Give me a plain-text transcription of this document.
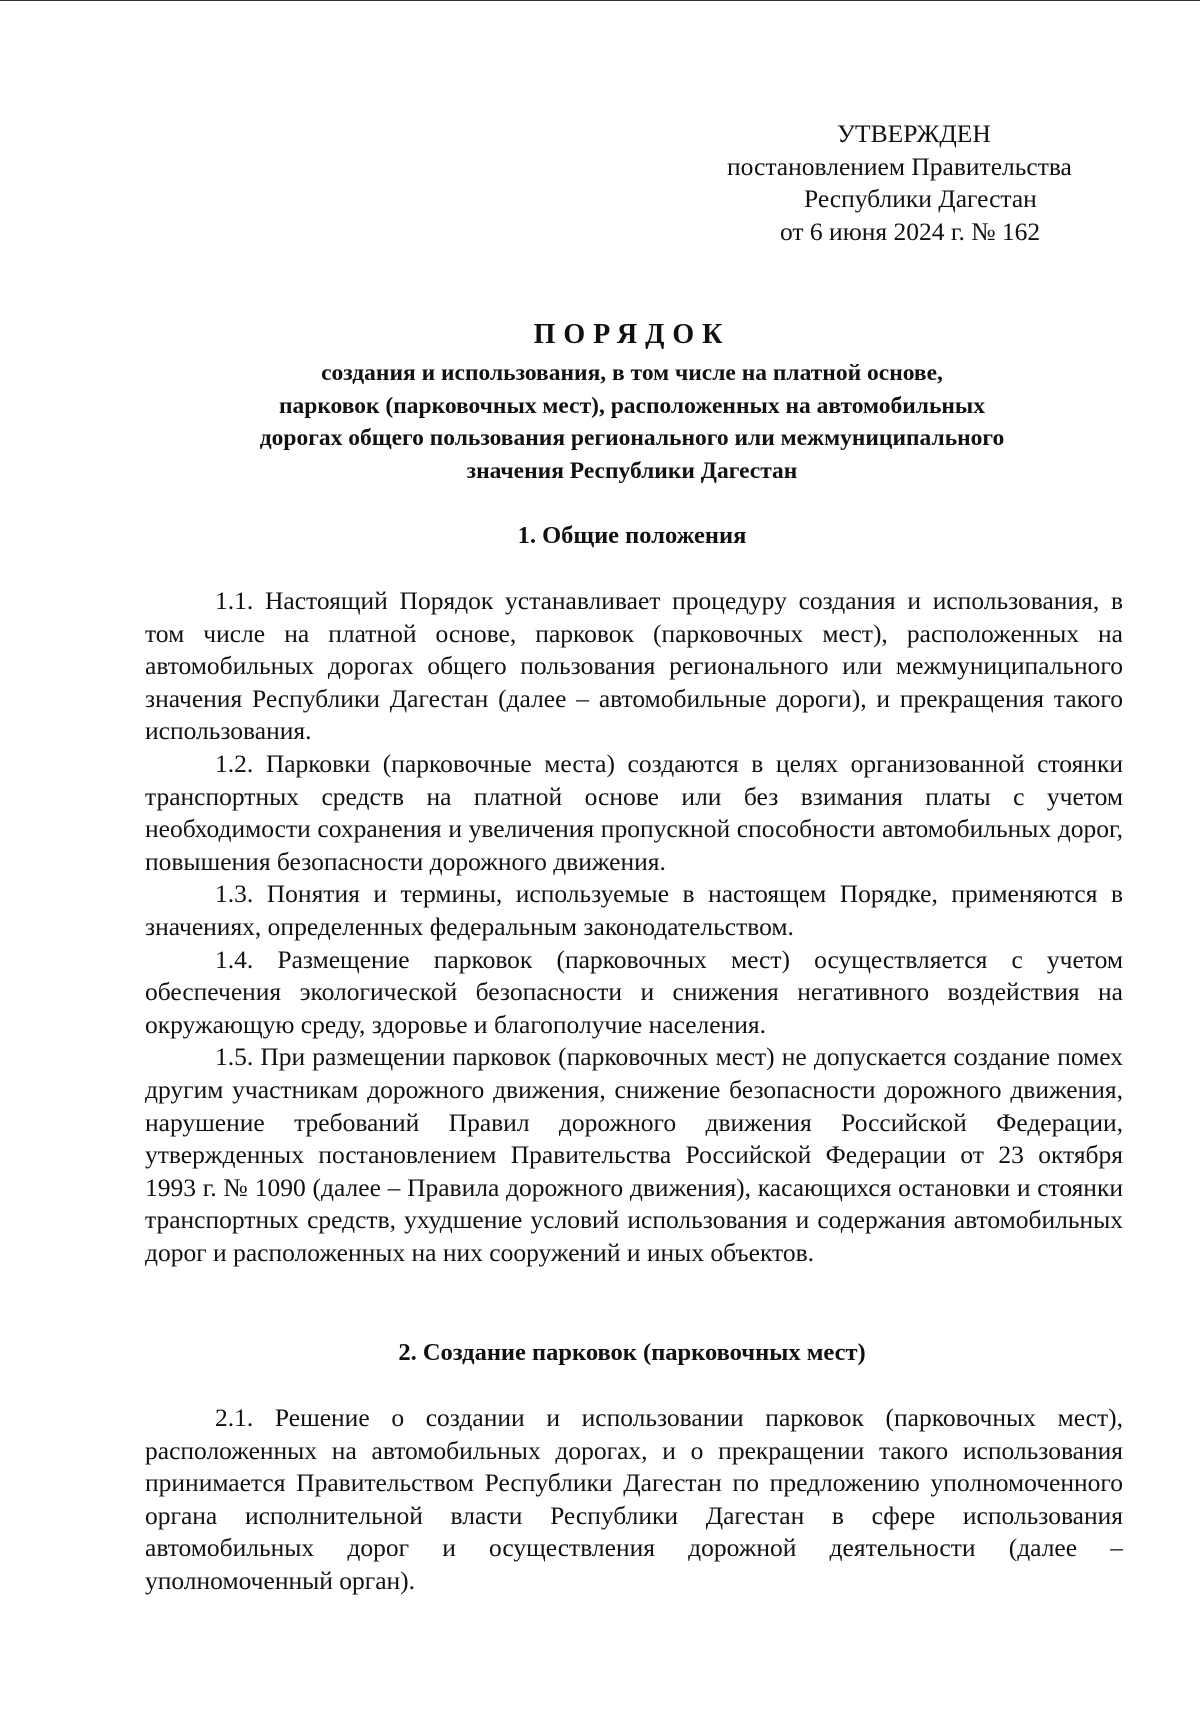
УТВЕРЖДЕН
постановлением Правительства
Республики Дагестан
от 6 июня 2024 г. № 162
ПОРЯДОК
создания и использования, в том числе на платной основе,
парковок (парковочных мест), расположенных на автомобильных
дорогах общего пользования регионального или межмуниципального
значения Республики Дагестан
1. Общие положения

1.1. Настоящий Порядок устанавливает процедуру создания и использования, в том числе на платной основе, парковок (парковочных мест), расположенных на автомобильных дорогах общего пользования регионального или межмуниципального значения Республики Дагестан (далее – автомобильные дороги), и прекращения такого использования.

1.2. Парковки (парковочные места) создаются в целях организованной стоянки транспортных средств на платной основе или без взимания платы с учетом необходимости сохранения и увеличения пропускной способности автомобильных дорог, повышения безопасности дорожного движения.

1.3. Понятия и термины, используемые в настоящем Порядке, применяются в значениях, определенных федеральным законодательством.

1.4. Размещение парковок (парковочных мест) осуществляется с учетом обеспечения экологической безопасности и снижения негативного воздействия на окружающую среду, здоровье и благополучие населения.

1.5. При размещении парковок (парковочных мест) не допускается создание помех другим участникам дорожного движения, снижение безопасности дорожного движения, нарушение требований Правил дорожного движения Российской Федерации, утвержденных постановлением Правительства Российской Федерации от 23 октября 1993 г. № 1090 (далее – Правила дорожного движения), касающихся остановки и стоянки транспортных средств, ухудшение условий использования и содержания автомобильных дорог и расположенных на них сооружений и иных объектов.

2. Создание парковок (парковочных мест)

2.1. Решение о создании и использовании парковок (парковочных мест), расположенных на автомобильных дорогах, и о прекращении такого использования принимается Правительством Республики Дагестан по предложению уполномоченного органа исполнительной власти Республики Дагестан в сфере использования автомобильных дорог и осуществления дорожной деятельности (далее – уполномоченный орган).
